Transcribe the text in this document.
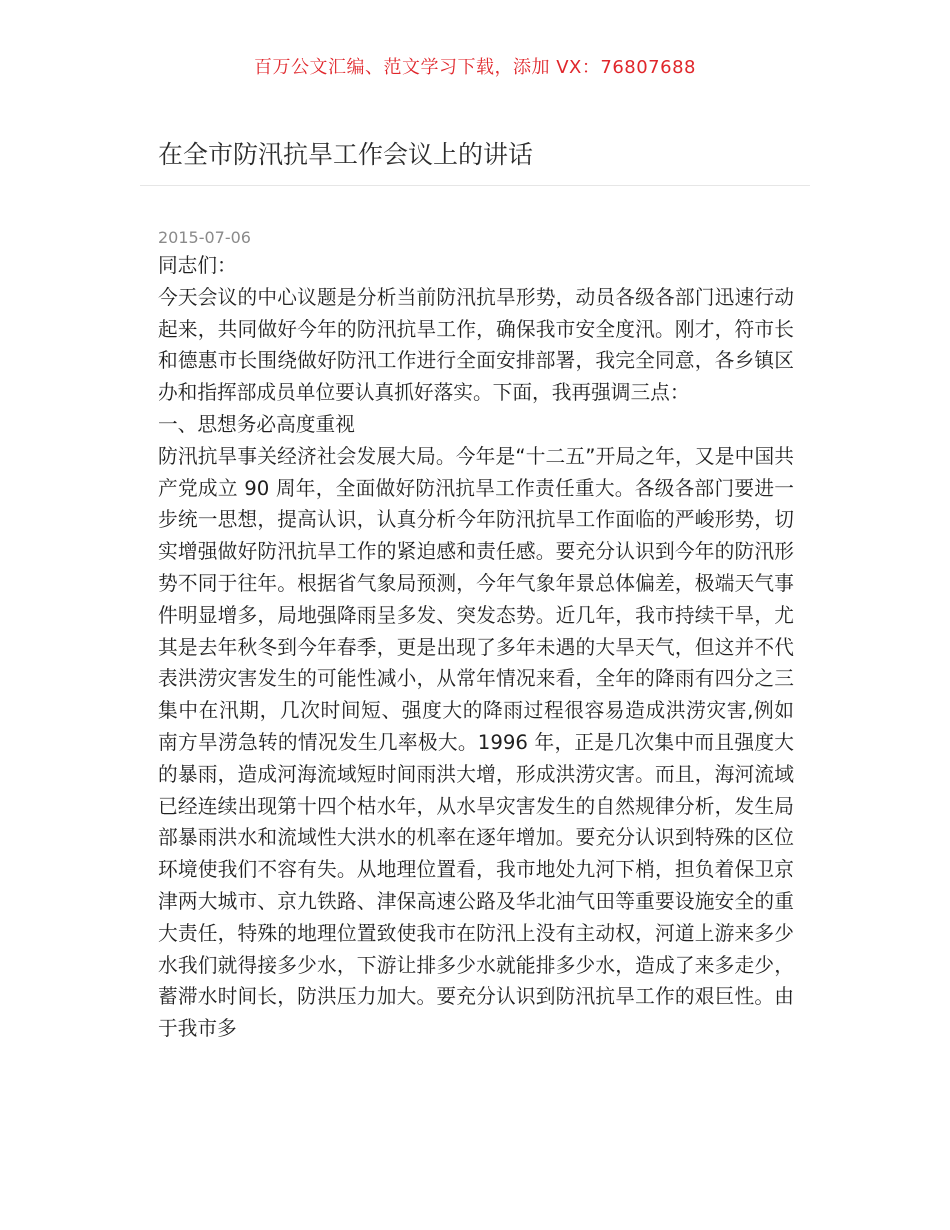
百万公文汇编、范文学习下载，添加 VX：76807688
在全市防汛抗旱工作会议上的讲话
2015-07-06

同志们：

今天会议的中心议题是分析当前防汛抗旱形势，动员各级各部门迅速行动起来，共同做好今年的防汛抗旱工作，确保我市安全度汛。刚才，符市长和德惠市长围绕做好防汛工作进行全面安排部署，我完全同意，各乡镇区办和指挥部成员单位要认真抓好落实。下面，我再强调三点：

一、思想务必高度重视

防汛抗旱事关经济社会发展大局。今年是“十二五”开局之年，又是中国共产党成立 90 周年，全面做好防汛抗旱工作责任重大。各级各部门要进一步统一思想，提高认识，认真分析今年防汛抗旱工作面临的严峻形势，切实增强做好防汛抗旱工作的紧迫感和责任感。要充分认识到今年的防汛形势不同于往年。根据省气象局预测，今年气象年景总体偏差，极端天气事件明显增多，局地强降雨呈多发、突发态势。近几年，我市持续干旱，尤其是去年秋冬到今年春季，更是出现了多年未遇的大旱天气，但这并不代表洪涝灾害发生的可能性减小，从常年情况来看，全年的降雨有四分之三集中在汛期，几次时间短、强度大的降雨过程很容易造成洪涝灾害,例如南方旱涝急转的情况发生几率极大。1996 年，正是几次集中而且强度大的暴雨，造成河海流域短时间雨洪大增，形成洪涝灾害。而且，海河流域已经连续出现第十四个枯水年，从水旱灾害发生的自然规律分析，发生局部暴雨洪水和流域性大洪水的机率在逐年增加。要充分认识到特殊的区位环境使我们不容有失。从地理位置看，我市地处九河下梢，担负着保卫京津两大城市、京九铁路、津保高速公路及华北油气田等重要设施安全的重大责任，特殊的地理位置致使我市在防汛上没有主动权，河道上游来多少水我们就得接多少水，下游让排多少水就能排多少水，造成了来多走少，蓄滞水时间长，防洪压力加大。要充分认识到防汛抗旱工作的艰巨性。由于我市多
